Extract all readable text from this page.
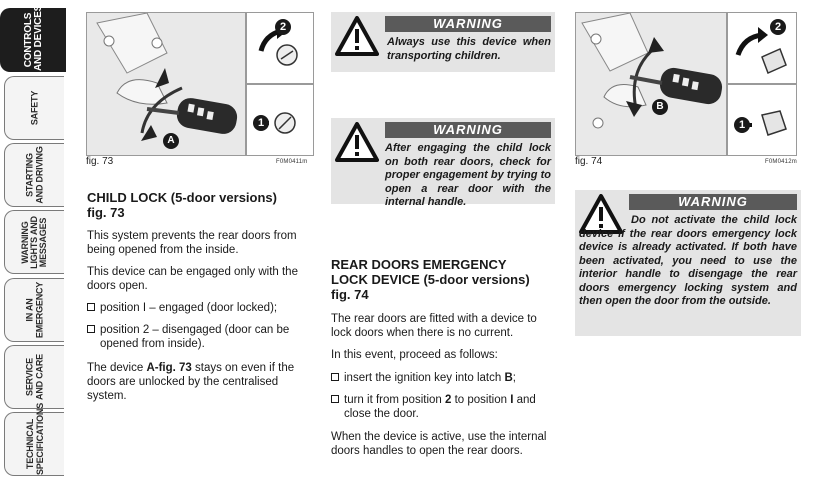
CONTROLS
AND DEVICES
SAFETY
STARTING
AND DRIVING
WARNING
LIGHTS AND
MESSAGES
IN AN
EMERGENCY
SERVICE
AND CARE
TECHNICAL
SPECIFICATIONS
A
2
1
fig. 73	F0M0411m
CHILD LOCK (5-door versions)
fig. 73
This system prevents the rear doors from being opened from the inside.
This device can be engaged only with the doors open.
position I – engaged (door locked);
position 2 – disengaged (door can be opened from inside).
The device A-fig. 73 stays on even if the doors are unlocked by the centralised system.
WARNING
Always use this device when transporting children.
WARNING
After engaging the child lock on both rear doors, check for proper engagement by trying to open a rear door with the internal handle.
REAR DOORS EMERGENCY
LOCK DEVICE (5-door versions)
fig. 74
The rear doors are fitted with a device to lock doors when there is no current.
In this event, proceed as follows:
insert the ignition key into latch B;
turn it from position 2 to position I and close the door.
When the device is active, use the internal doors handles to open the rear doors.
B
2
1
fig. 74	F0M0412m
WARNING
Do not activate the child lock device if the rear doors emergency lock device is already activated. If both have been activated, you need to use the interior handle to disengage the rear doors emergency locking system and then open the door from the outside.
